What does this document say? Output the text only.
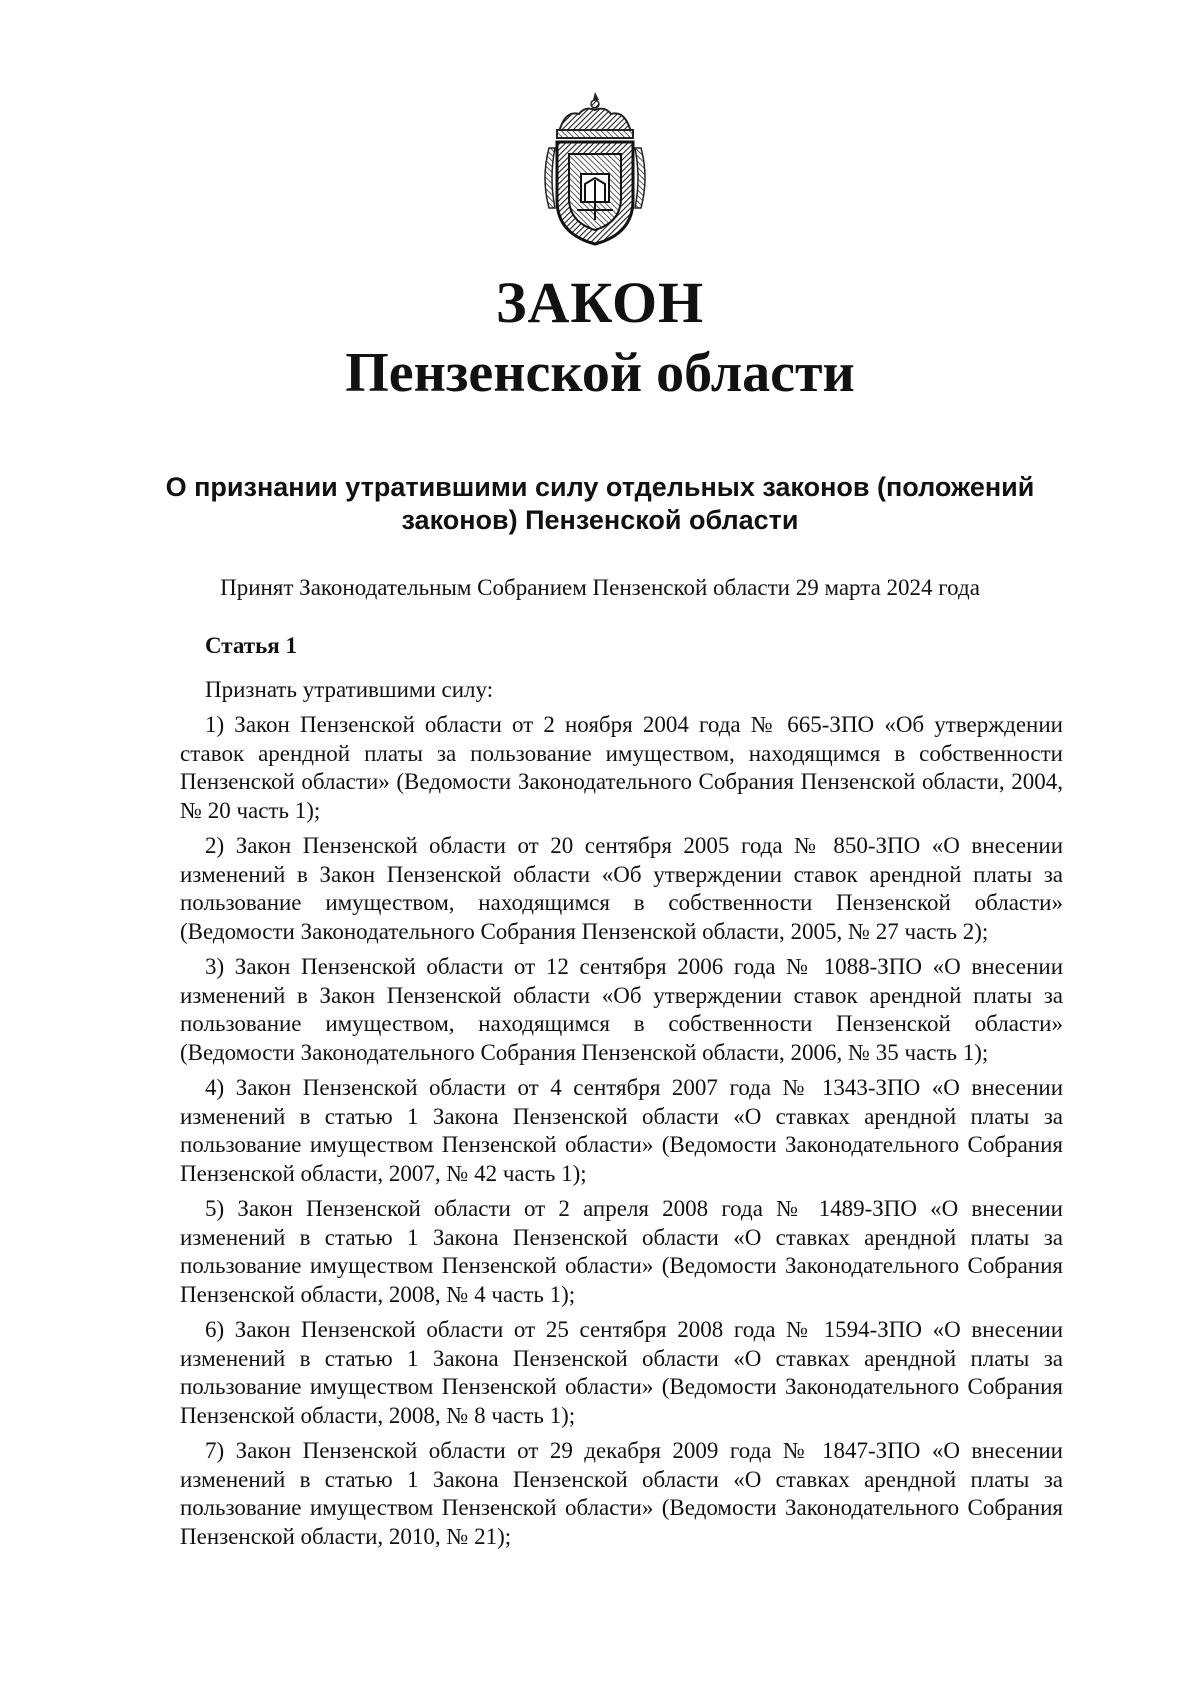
ЗАКОН
Пензенской области
О признании утратившими силу отдельных законов (положений законов) Пензенской области
Принят Законодательным Собранием Пензенской области 29 марта 2024 года
Статья 1
Признать утратившими силу:
1) Закон Пензенской области от 2 ноября 2004 года № 665-ЗПО «Об утверждении ставок арендной платы за пользование имуществом, находящимся в собственности Пензенской области» (Ведомости Законодательного Собрания Пензенской области, 2004, № 20 часть 1);
2) Закон Пензенской области от 20 сентября 2005 года № 850-ЗПО «О внесении изменений в Закон Пензенской области «Об утверждении ставок арендной платы за пользование имуществом, находящимся в собственности Пензенской области» (Ведомости Законодательного Собрания Пензенской области, 2005, № 27 часть 2);
3) Закон Пензенской области от 12 сентября 2006 года № 1088-ЗПО «О внесении изменений в Закон Пензенской области «Об утверждении ставок арендной платы за пользование имуществом, находящимся в собственности Пензенской области» (Ведомости Законодательного Собрания Пензенской области, 2006, № 35 часть 1);
4) Закон Пензенской области от 4 сентября 2007 года № 1343-ЗПО «О внесении изменений в статью 1 Закона Пензенской области «О ставках арендной платы за пользование имуществом Пензенской области» (Ведомости Законодательного Собрания Пензенской области, 2007, № 42 часть 1);
5) Закон Пензенской области от 2 апреля 2008 года № 1489-ЗПО «О внесении изменений в статью 1 Закона Пензенской области «О ставках арендной платы за пользование имуществом Пензенской области» (Ведомости Законодательного Собрания Пензенской области, 2008, № 4 часть 1);
6) Закон Пензенской области от 25 сентября 2008 года № 1594-ЗПО «О внесении изменений в статью 1 Закона Пензенской области «О ставках арендной платы за пользование имуществом Пензенской области» (Ведомости Законодательного Собрания Пензенской области, 2008, № 8 часть 1);
7) Закон Пензенской области от 29 декабря 2009 года № 1847-ЗПО «О внесении изменений в статью 1 Закона Пензенской области «О ставках арендной платы за пользование имуществом Пензенской области» (Ведомости Законодательного Собрания Пензенской области, 2010, № 21);
